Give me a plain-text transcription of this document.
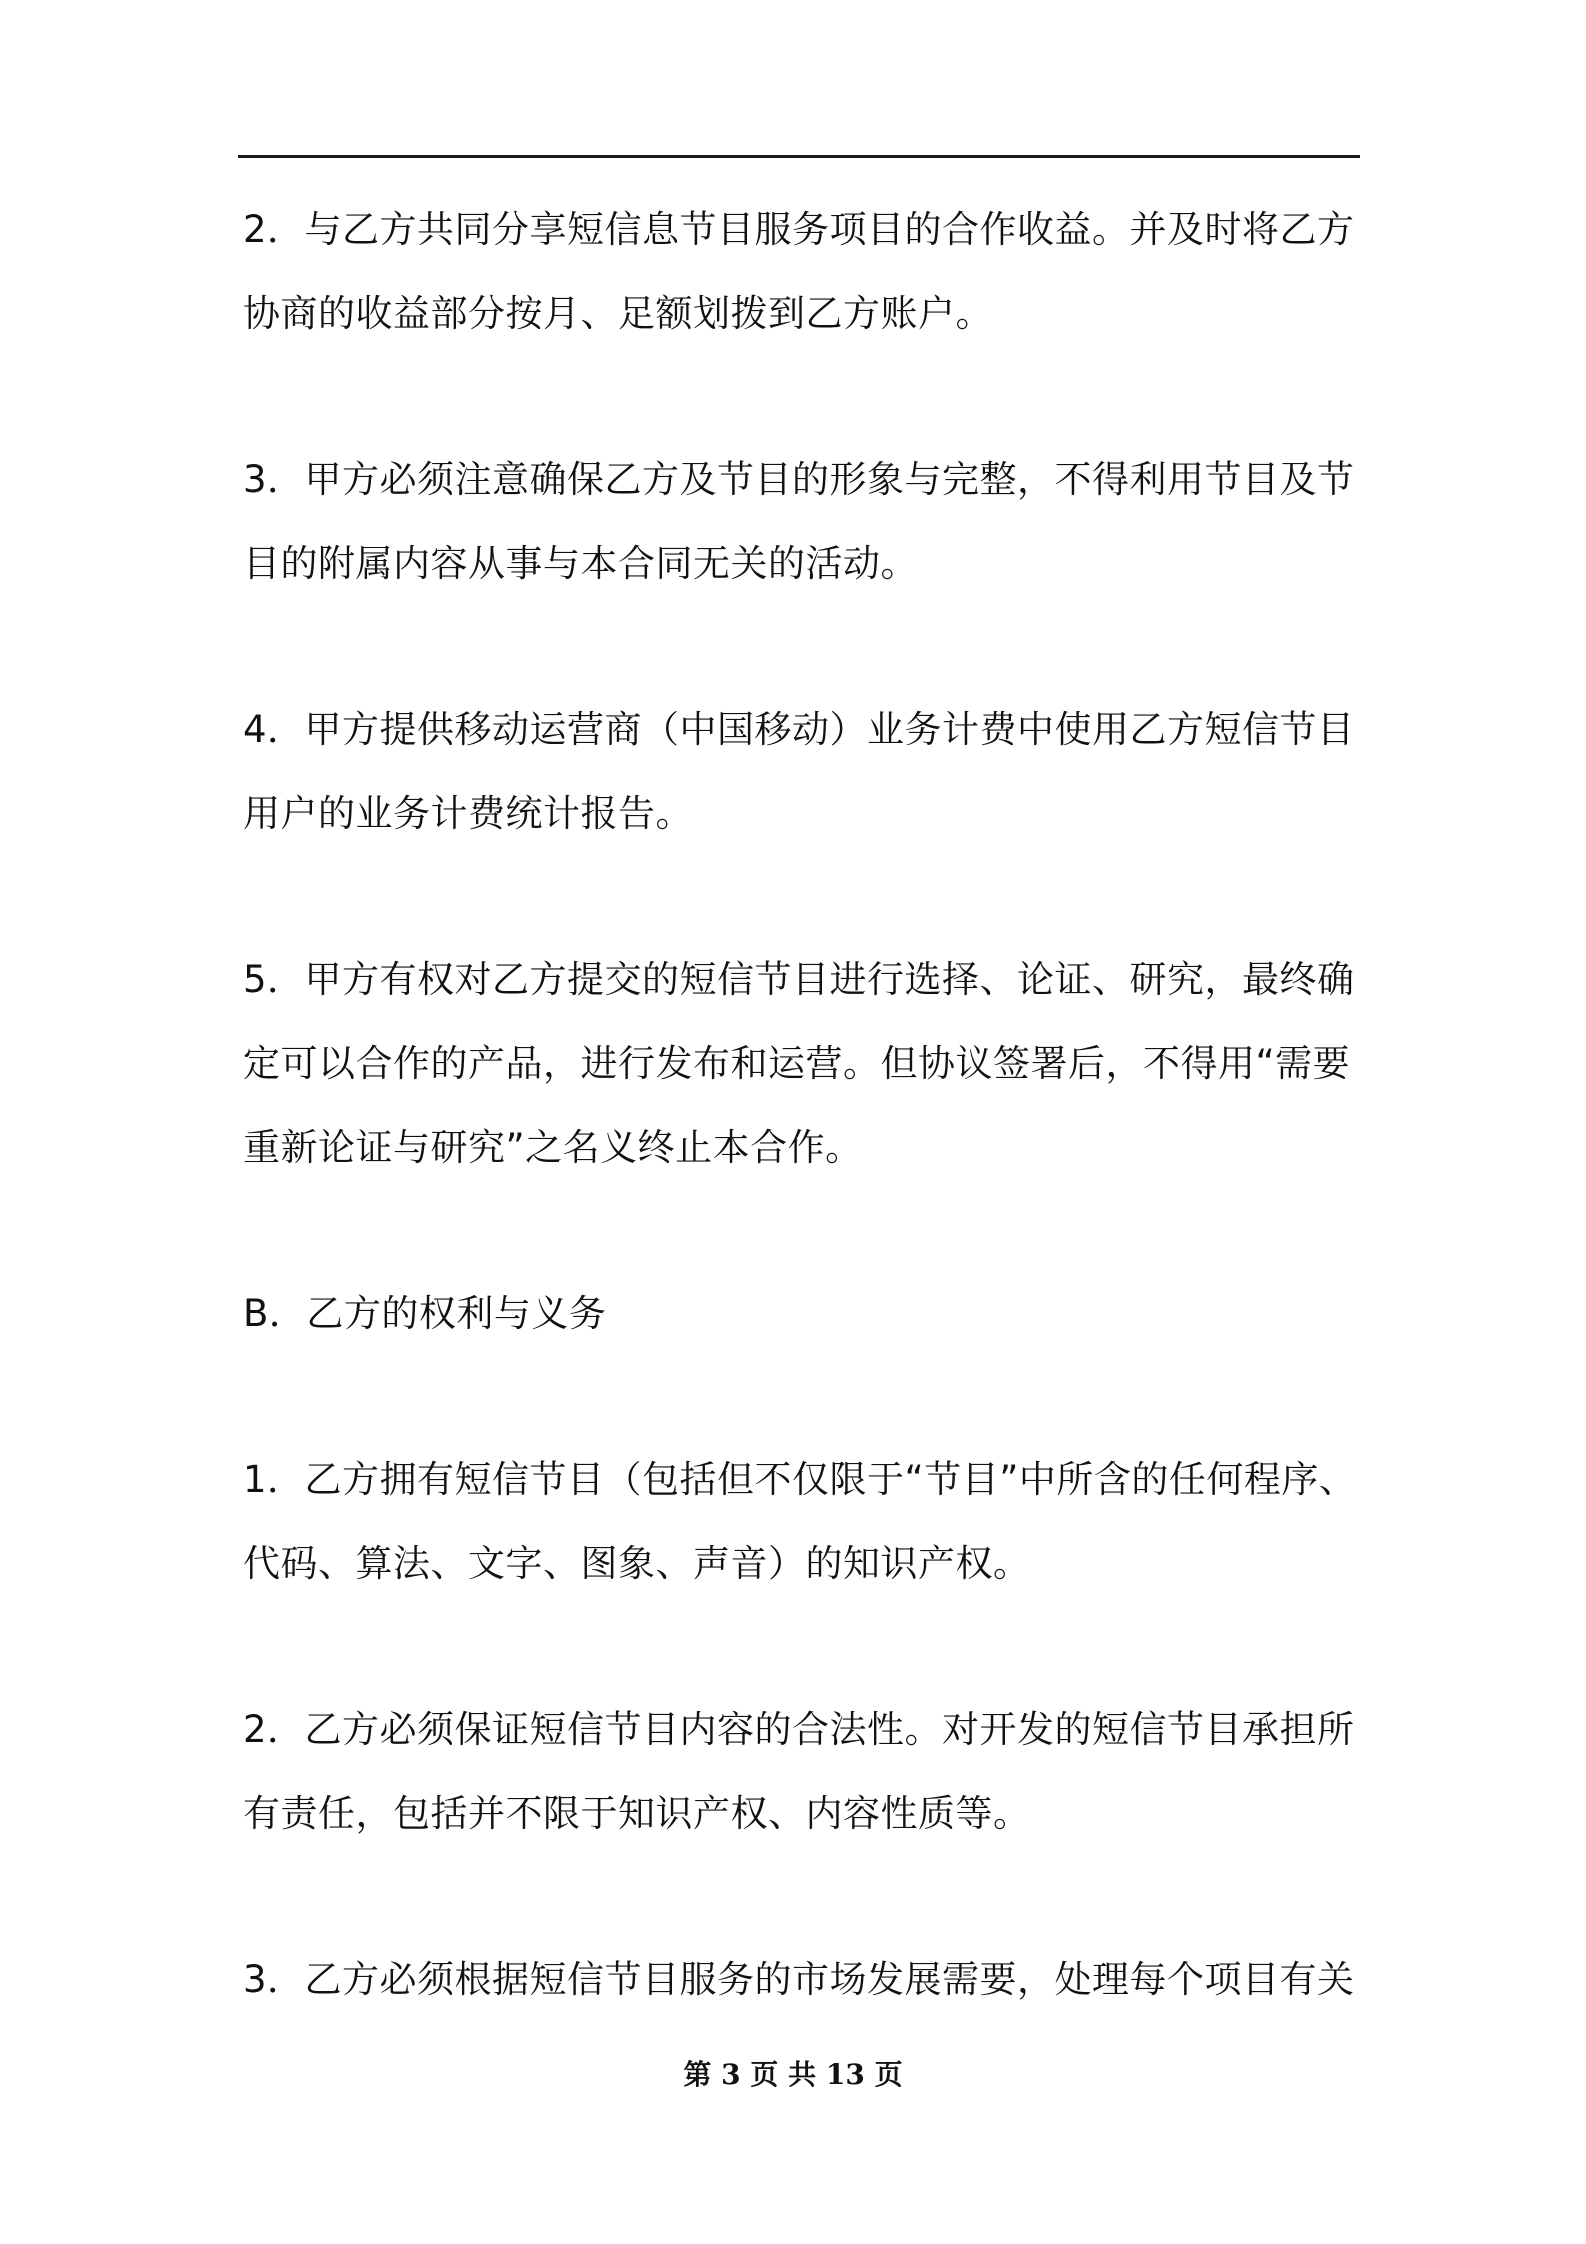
2．与乙方共同分享短信息节目服务项目的合作收益。并及时将乙方
协商的收益部分按月、足额划拨到乙方账户。
3．甲方必须注意确保乙方及节目的形象与完整，不得利用节目及节
目的附属内容从事与本合同无关的活动。
4．甲方提供移动运营商（中国移动）业务计费中使用乙方短信节目
用户的业务计费统计报告。
5．甲方有权对乙方提交的短信节目进行选择、论证、研究，最终确
定可以合作的产品，进行发布和运营。但协议签署后，不得用“需要
重新论证与研究”之名义终止本合作。
B．乙方的权利与义务
1．乙方拥有短信节目（包括但不仅限于“节目”中所含的任何程序、
代码、算法、文字、图象、声音）的知识产权。
2．乙方必须保证短信节目内容的合法性。对开发的短信节目承担所
有责任，包括并不限于知识产权、内容性质等。
3．乙方必须根据短信节目服务的市场发展需要，处理每个项目有关
第 3 页 共 13 页
